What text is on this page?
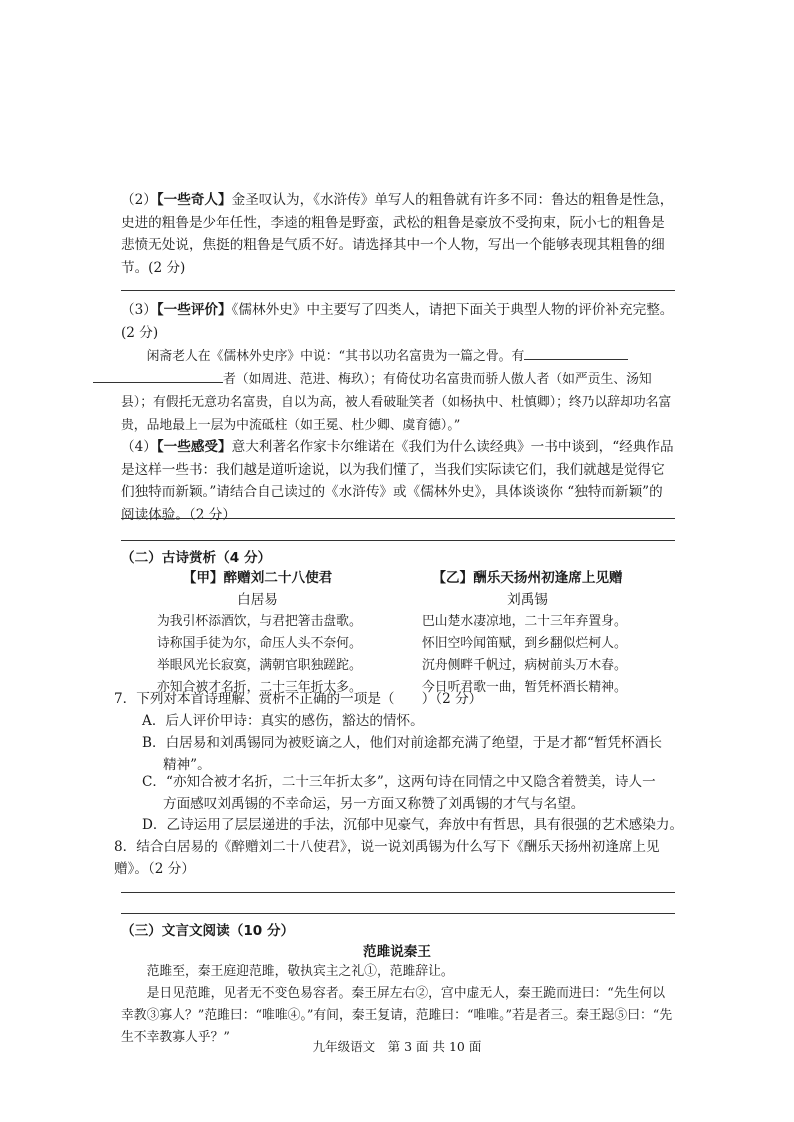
（2）【一些奇人】金圣叹认为，《水浒传》单写人的粗鲁就有许多不同：鲁达的粗鲁是性急，史进的粗鲁是少年任性，李逵的粗鲁是野蛮，武松的粗鲁是豪放不受拘束，阮小七的粗鲁是悲愤无处说，焦挺的粗鲁是气质不好。请选择其中一个人物，写出一个能够表现其粗鲁的细节。(2 分)
（3）【一些评价】《儒林外史》中主要写了四类人，请把下面关于典型人物的评价补充完整。(2 分)
闲斋老人在《儒林外史序》中说：“其书以功名富贵为一篇之骨。有者（如周进、范进、梅玖）；有倚仗功名富贵而骄人傲人者（如严贡生、汤知县）；有假托无意功名富贵，自以为高，被人看破耻笑者（如杨执中、杜慎卿）；终乃以辞却功名富贵，品地最上一层为中流砥柱（如王冕、杜少卿、虞育德）。”
（4）【一些感受】意大利著名作家卡尔维诺在《我们为什么读经典》一书中谈到，“经典作品是这样一些书：我们越是道听途说，以为我们懂了，当我们实际读它们，我们就越是觉得它们独特而新颖。”请结合自己读过的《水浒传》或《儒林外史》，具体谈谈你 “独特而新颖”的阅读体验。（2 分）
（二）古诗赏析（4 分）
【甲】醉赠刘二十八使君
白居易
为我引杯添酒饮，与君把箸击盘歌。
诗称国手徒为尔，命压人头不奈何。
举眼风光长寂寞，满朝官职独蹉跎。
亦知合被才名折，二十三年折太多。
【乙】酬乐天扬州初逢席上见赠
刘禹锡
巴山楚水凄凉地，二十三年弃置身。
怀旧空吟闻笛赋，到乡翻似烂柯人。
沉舟侧畔千帆过，病树前头万木春。
今日听君歌一曲，暂凭杯酒长精神。
7．下列对本首诗理解、赏析不正确的一项是（　　）（2 分）
A．后人评价甲诗：真实的感伤，豁达的情怀。
B．白居易和刘禹锡同为被贬谪之人，他们对前途都充满了绝望，于是才都“暂凭杯酒长
精神”。
C．“亦知合被才名折，二十三年折太多”，这两句诗在同情之中又隐含着赞美，诗人一
方面感叹刘禹锡的不幸命运，另一方面又称赞了刘禹锡的才气与名望。
D．乙诗运用了层层递进的手法，沉郁中见豪气，奔放中有哲思，具有很强的艺术感染力。
8．结合白居易的《醉赠刘二十八使君》，说一说刘禹锡为什么写下《酬乐天扬州初逢席上见赠》。（2 分）
（三）文言文阅读（10 分）
范雎说秦王
范雎至，秦王庭迎范雎，敬执宾主之礼①，范雎辞让。
是日见范雎，见者无不变色易容者。秦王屏左右②，宫中虚无人，秦王跪而进曰：“先生何以幸教③寡人？”范雎曰：“唯唯④。”有间，秦王复请，范雎曰：“唯唯。”若是者三。秦王跽⑤曰：“先生不幸教寡人乎？”
九年级语文　第 3 面 共 10 面
